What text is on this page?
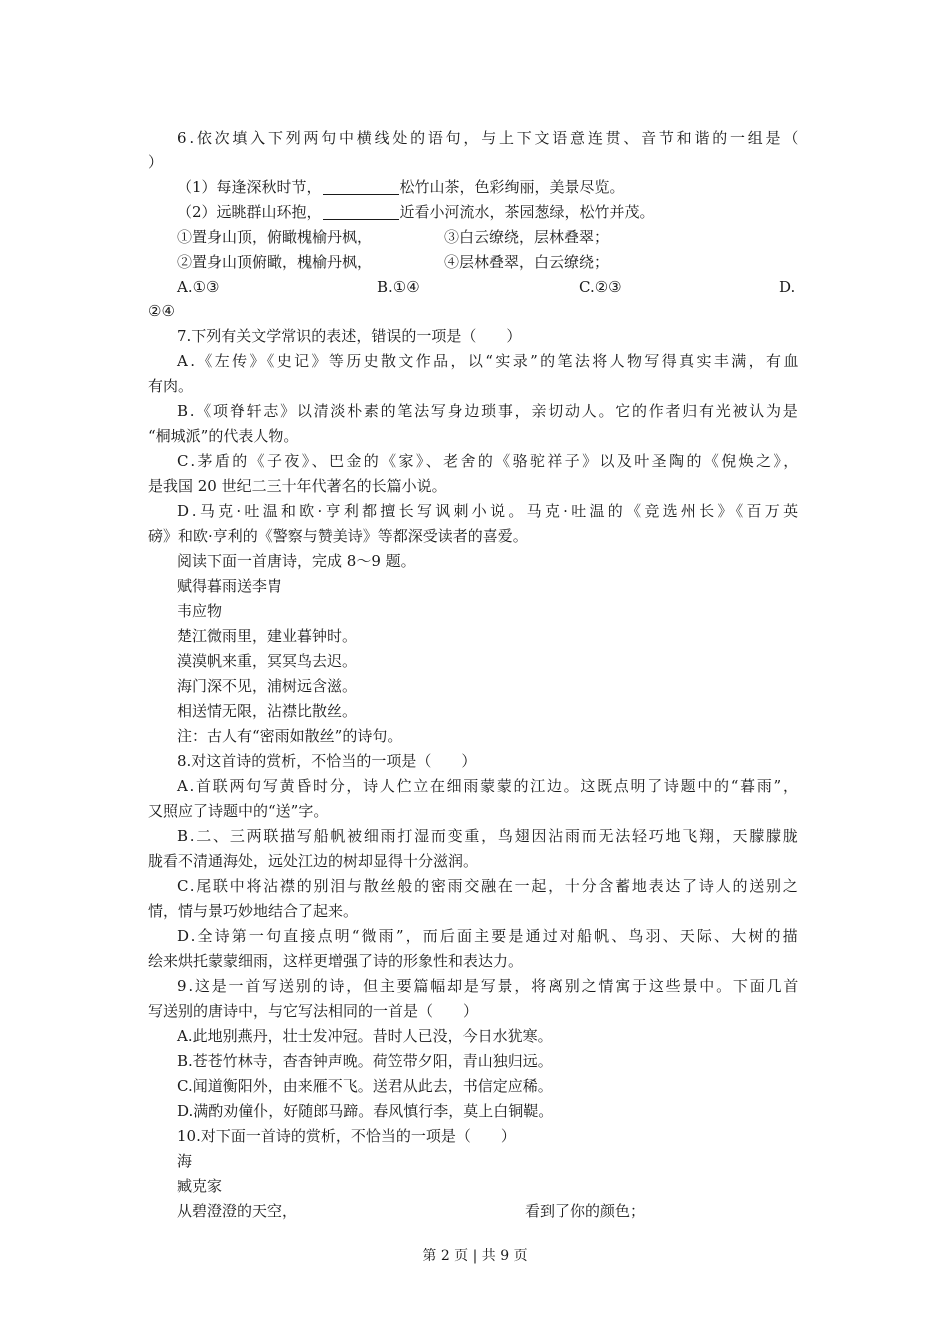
6.依次填入下列两句中横线处的语句，与上下文语意连贯、音节和谐的一组是（
）
（1）每逢深秋时节，	松竹山茶，色彩绚丽，美景尽览。
（2）远眺群山环抱，	近看小河流水，茶园葱绿，松竹并茂。
①置身山顶，俯瞰槐榆丹枫，	③白云缭绕，层林叠翠；
②置身山顶俯瞰，槐榆丹枫，	④层林叠翠，白云缭绕；
A.①③	B.①④	C.②③	D.
②④
7.下列有关文学常识的表述，错误的一项是（　　）
A.《左传》《史记》等历史散文作品，以“实录”的笔法将人物写得真实丰满，有血
有肉。
B.《项脊轩志》以清淡朴素的笔法写身边琐事，亲切动人。它的作者归有光被认为是
“桐城派”的代表人物。
C.茅盾的《子夜》、巴金的《家》、老舍的《骆驼祥子》以及叶圣陶的《倪焕之》，
是我国 20 世纪二三十年代著名的长篇小说。
D.马克·吐温和欧·亨利都擅长写讽刺小说。马克·吐温的《竞选州长》《百万英
磅》和欧·亨利的《警察与赞美诗》等都深受读者的喜爱。
阅读下面一首唐诗，完成 8～9 题。
赋得暮雨送李胄
韦应物
楚江微雨里，建业暮钟时。
漠漠帆来重，冥冥鸟去迟。
海门深不见，浦树远含滋。
相送情无限，沾襟比散丝。
注：古人有“密雨如散丝”的诗句。
8.对这首诗的赏析，不恰当的一项是（　　）
A.首联两句写黄昏时分，诗人伫立在细雨蒙蒙的江边。这既点明了诗题中的“暮雨”，
又照应了诗题中的“送”字。
B.二、三两联描写船帆被细雨打湿而变重，鸟翅因沾雨而无法轻巧地飞翔，天朦朦胧
胧看不清通海处，远处江边的树却显得十分滋润。
C.尾联中将沾襟的别泪与散丝般的密雨交融在一起，十分含蓄地表达了诗人的送别之
情，情与景巧妙地结合了起来。
D.全诗第一句直接点明“微雨”，而后面主要是通过对船帆、鸟羽、天际、大树的描
绘来烘托蒙蒙细雨，这样更增强了诗的形象性和表达力。
9.这是一首写送别的诗，但主要篇幅却是写景，将离别之情寓于这些景中。下面几首
写送别的唐诗中，与它写法相同的一首是（　　）
A.此地别燕丹，壮士发冲冠。昔时人已没，今日水犹寒。
B.苍苍竹林寺，杳杳钟声晚。荷笠带夕阳，青山独归远。
C.闻道衡阳外，由来雁不飞。送君从此去，书信定应稀。
D.满酌劝僮仆，好随郎马蹄。春风慎行李，莫上白铜鞮。
10.对下面一首诗的赏析，不恰当的一项是（　　）
海
臧克家
从碧澄澄的天空，	看到了你的颜色；
第 2 页 | 共 9 页
